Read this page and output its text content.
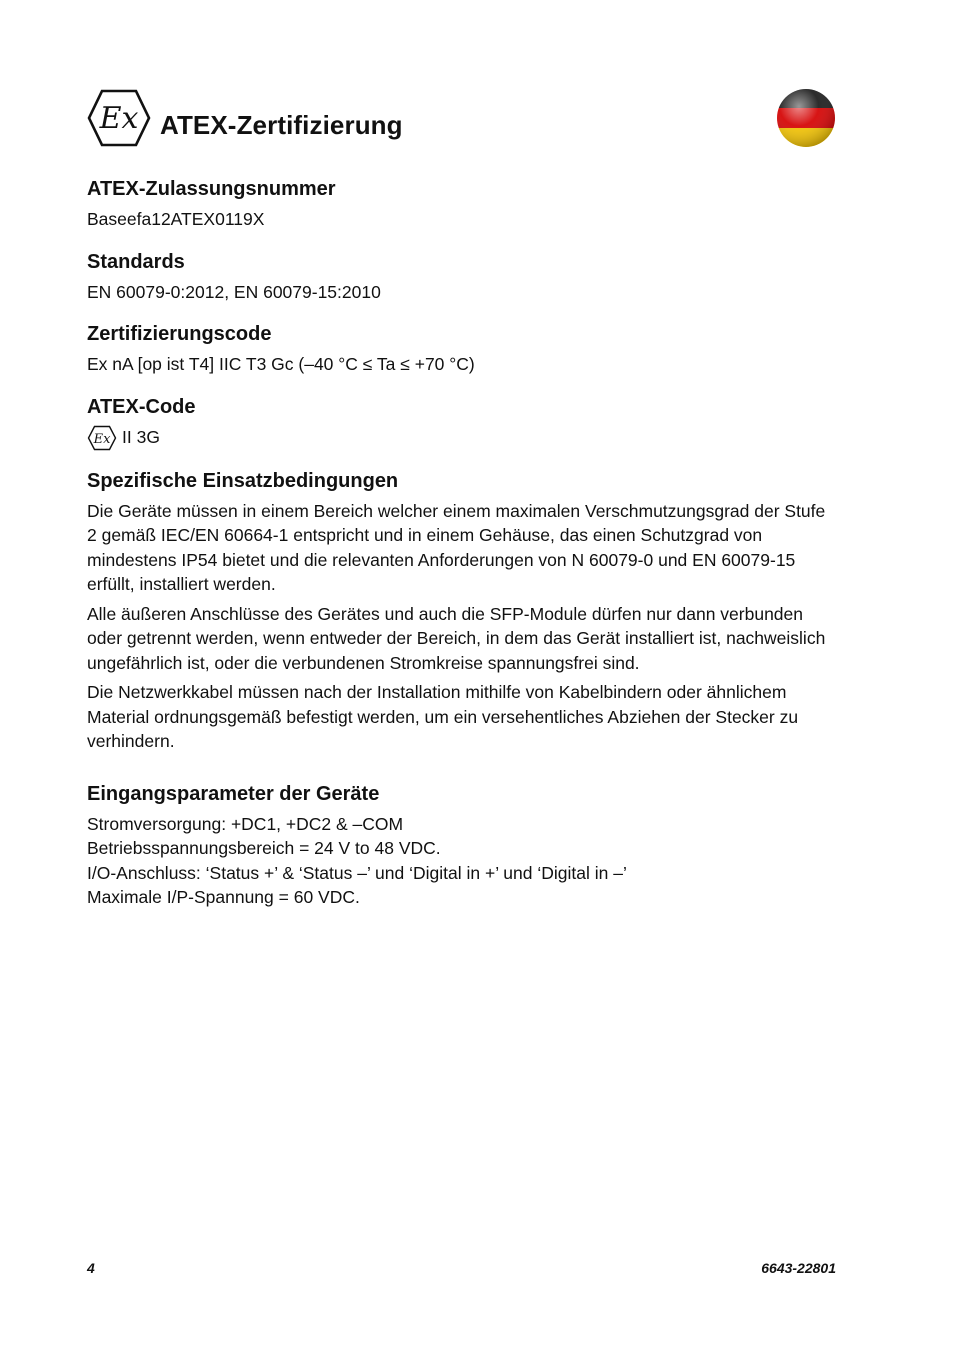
Ex ATEX-Zertifizierung
ATEX-Zulassungsnummer

Baseefa12ATEX0119X

Standards

EN 60079-0:2012, EN 60079-15:2010

Zertifizierungscode

Ex nA [op ist T4] IIC T3 Gc (–40 °C ≤ Ta ≤ +70 °C)

ATEX-Code
Ex II 3G
Spezifische Einsatzbedingungen

Die Geräte müssen in einem Bereich welcher einem maximalen Verschmutzungsgrad der Stufe 2 gemäß IEC/EN 60664-1 entspricht und in einem Gehäuse, das einen Schutzgrad von mindestens IP54 bietet und die relevanten Anforderungen von N 60079-0 und EN 60079-15 erfüllt, installiert werden.

Alle äußeren Anschlüsse des Gerätes und auch die SFP-Module dürfen nur dann verbunden oder getrennt werden, wenn entweder der Bereich, in dem das Gerät installiert ist, nachweislich ungefährlich ist, oder die verbundenen Stromkreise spannungsfrei sind.

Die Netzwerkkabel müssen nach der Installation mithilfe von Kabelbindern oder ähnlichem Material ordnungsgemäß befestigt werden, um ein versehentliches Abziehen der Stecker zu verhindern.

Eingangsparameter der Geräte
Stromversorgung: +DC1, +DC2 & –COM
Betriebsspannungsbereich = 24 V to 48 VDC.
I/O-Anschluss: ‘Status +’ & ‘Status –’ und ‘Digital in +’ und ‘Digital in –’
Maximale I/P-Spannung = 60 VDC.
4	6643-22801
